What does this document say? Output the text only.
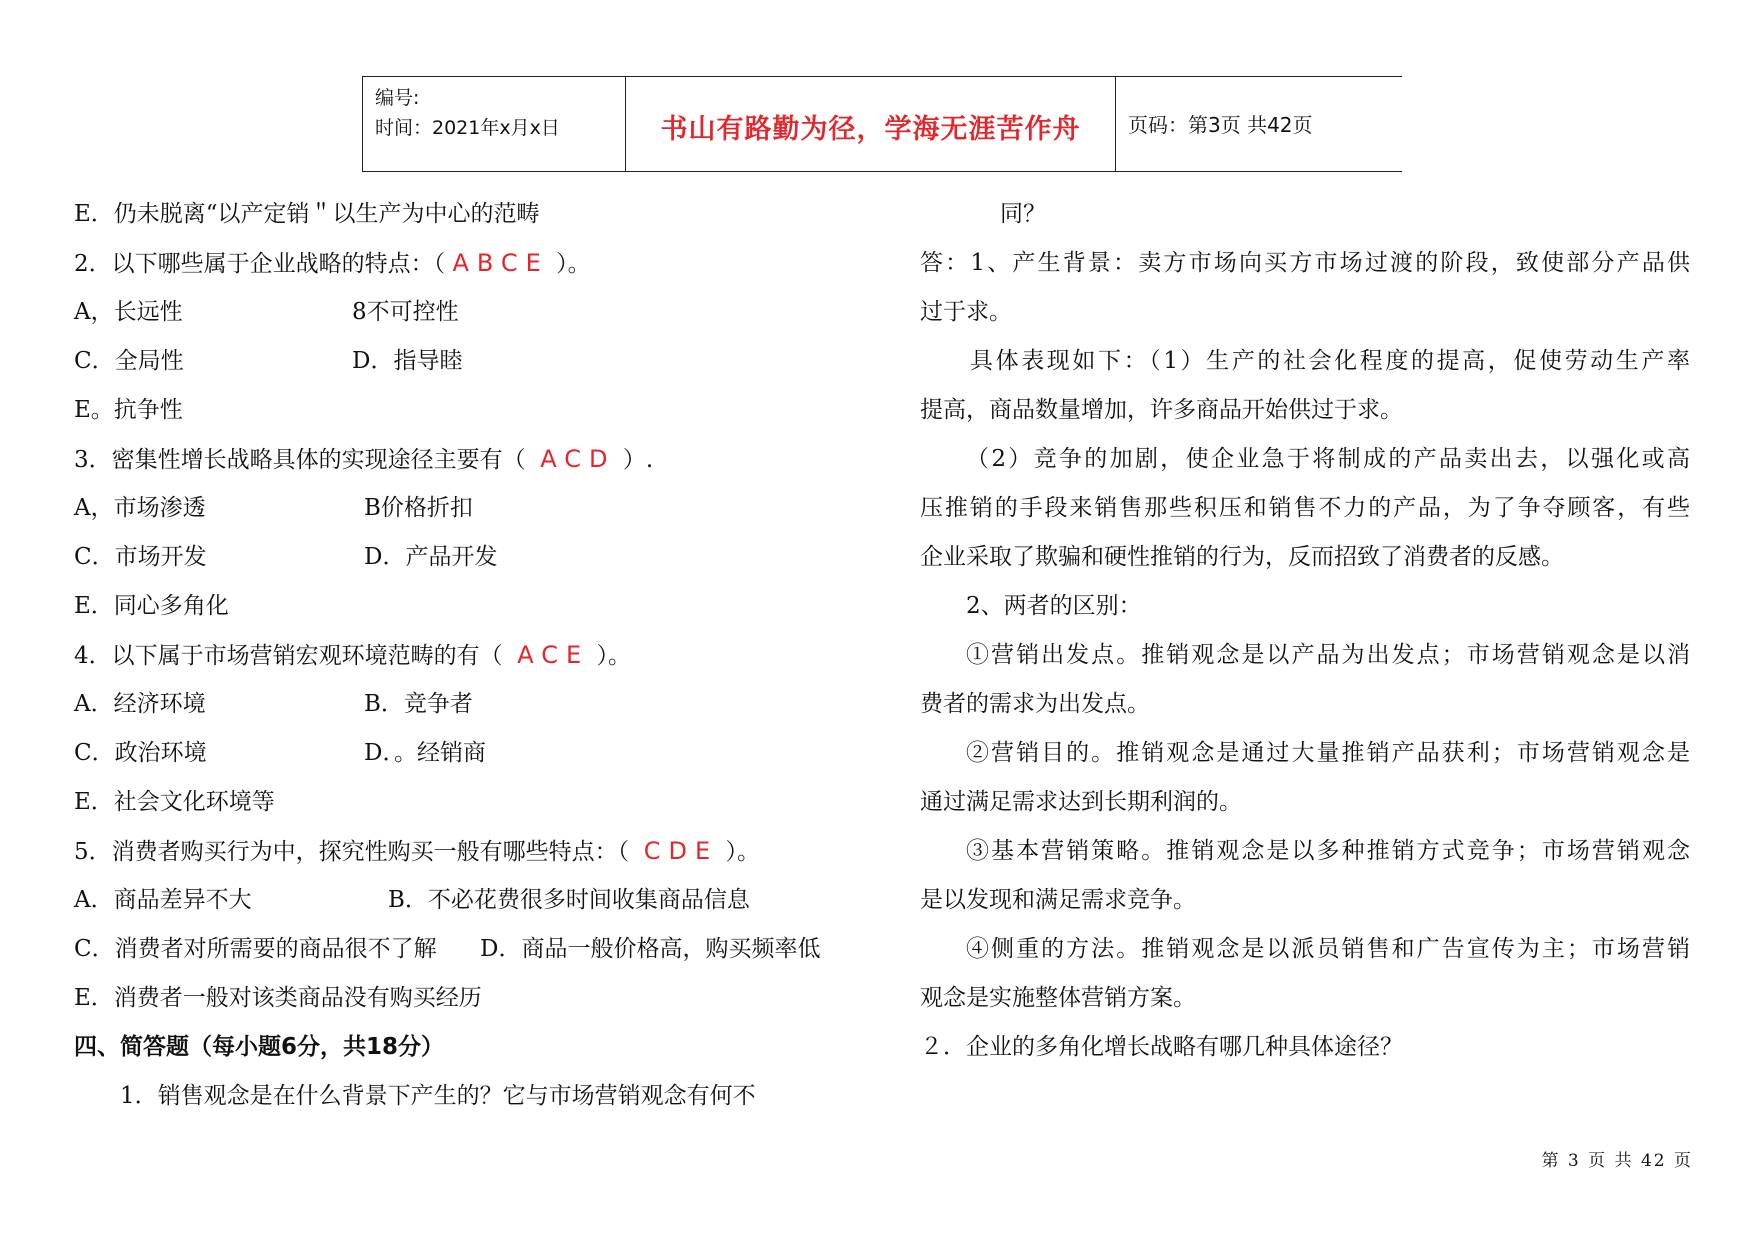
编号:
时间：2021年x月x日	书山有路勤为径，学海无涯苦作舟	页码：第3页 共42页
E．仍未脱离“以产定销＂以生产为中心的范畴
2．以下哪些属于企业战略的特点：（ ABCE ）。
A，长远性	8不可控性
C．全局性	D．指导睦
E。抗争性
3．密集性增长战略具体的实现途径主要有（ ACD ）.
A，市场渗透	B价格折扣
C．市场开发	D．产品开发
E．同心多角化
4．以下属于市场营销宏观环境范畴的有（ ACE ）。
A．经济环境	B．竞争者
C．政治环境	D．。经销商
E．社会文化环境等
5．消费者购买行为中，探究性购买一般有哪些特点：（ CDE ）。
A．商品差异不大	B．不必花费很多时间收集商品信息
C．消费者对所需要的商品很不了解 D．商品一般价格高，购买频率低
E．消费者一般对该类商品没有购买经历
四、简答题（每小题6分，共18分）
1．销售观念是在什么背景下产生的？它与市场营销观念有何不
同？
答：1、产生背景：卖方市场向买方市场过渡的阶段，致使部分产品供
过于求。
具体表现如下：（1）生产的社会化程度的提高，促使劳动生产率
提高，商品数量增加，许多商品开始供过于求。
（2）竞争的加剧，使企业急于将制成的产品卖出去，以强化或高
压推销的手段来销售那些积压和销售不力的产品，为了争夺顾客，有些
企业采取了欺骗和硬性推销的行为，反而招致了消费者的反感。
2、两者的区别：
①营销出发点。推销观念是以产品为出发点；市场营销观念是以消
费者的需求为出发点。
②营销目的。推销观念是通过大量推销产品获利；市场营销观念是
通过满足需求达到长期利润的。
③基本营销策略。推销观念是以多种推销方式竞争；市场营销观念
是以发现和满足需求竞争。
④侧重的方法。推销观念是以派员销售和广告宣传为主；市场营销
观念是实施整体营销方案。
２．企业的多角化增长战略有哪几种具体途径？
第 3 页 共 42 页
